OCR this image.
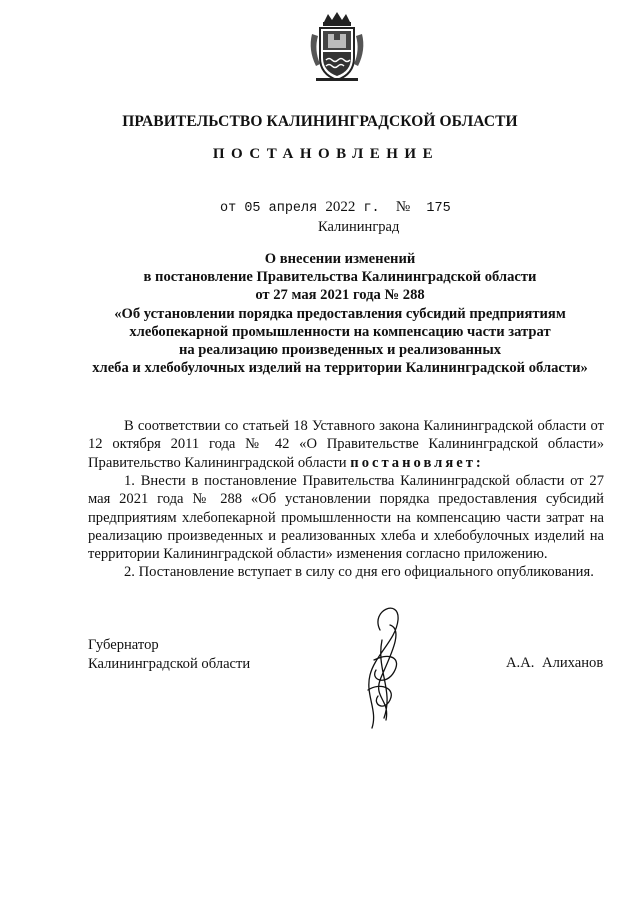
ПРАВИТЕЛЬСТВО КАЛИНИНГРАДСКОЙ ОБЛАСТИ
ПОСТАНОВЛЕНИЕ
от 05 апреля 2022 г. № 175
Калининград
О внесении изменений
в постановление Правительства Калининградской области
от 27 мая 2021 года № 288
«Об установлении порядка предоставления субсидий предприятиям
хлебопекарной промышленности на компенсацию части затрат
на реализацию произведенных и реализованных
хлеба и хлебобулочных изделий на территории Калининградской области»
В соответствии со статьей 18 Уставного закона Калининградской области от 12 октября 2011 года № 42 «О Правительстве Калининградской области» Правительство Калининградской области постановляет:
1. Внести в постановление Правительства Калининградской области от 27 мая 2021 года № 288 «Об установлении порядка предоставления субсидий предприятиям хлебопекарной промышленности на компенсацию части затрат на реализацию произведенных и реализованных хлеба и хлебобулочных изделий на территории Калининградской области» изменения согласно приложению.
2. Постановление вступает в силу со дня его официального опубликования.
Губернатор
Калининградской области	А.А. Алиханов
